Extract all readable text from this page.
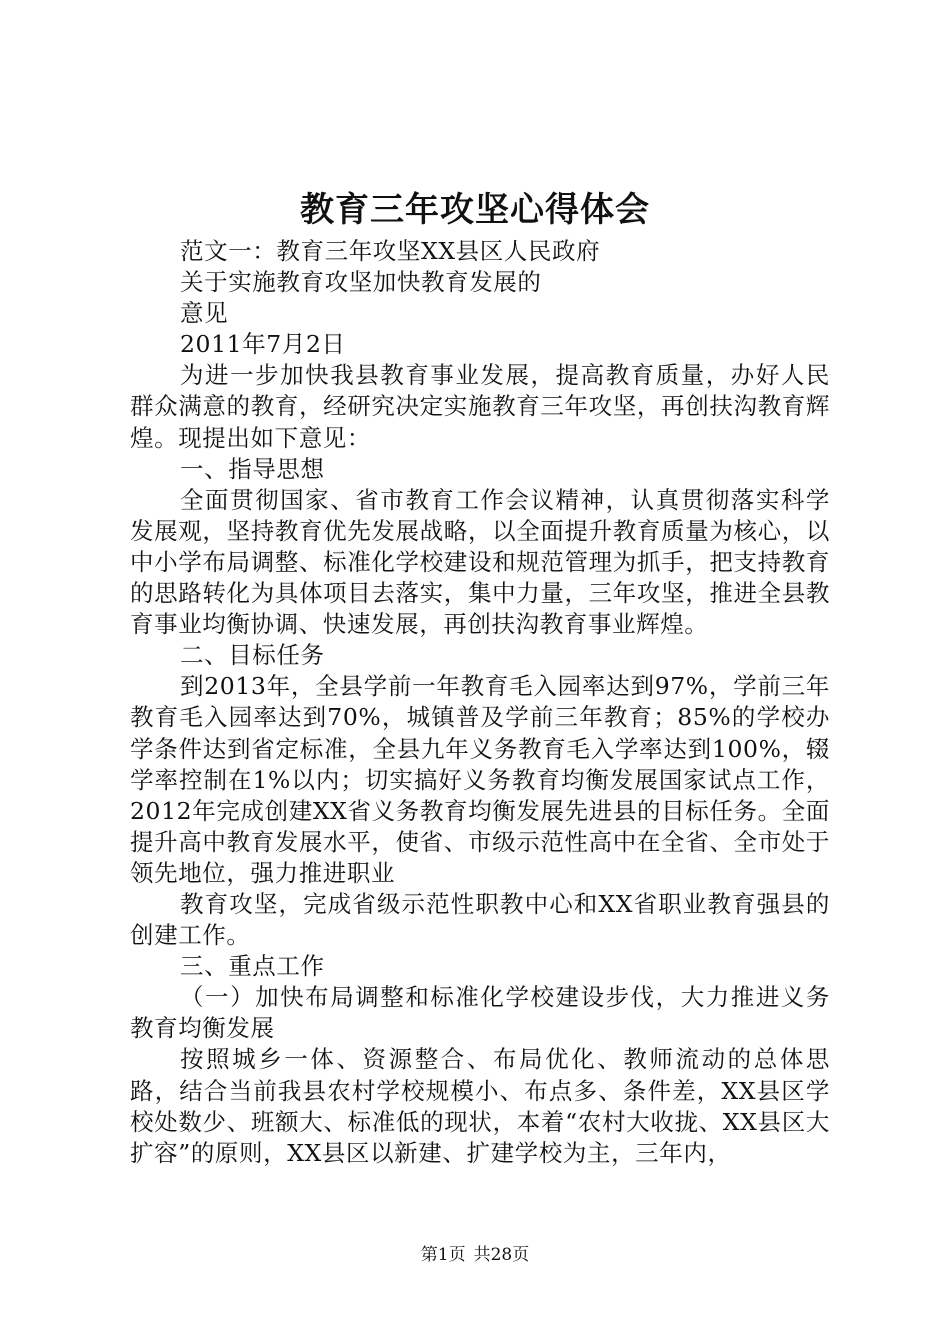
教育三年攻坚心得体会

范文一：教育三年攻坚XX县区人民政府

关于实施教育攻坚加快教育发展的

意见

2011年7月2日

为进一步加快我县教育事业发展，提高教育质量，办好人民群众满意的教育，经研究决定实施教育三年攻坚，再创扶沟教育辉煌。现提出如下意见：

一、指导思想

全面贯彻国家、省市教育工作会议精神，认真贯彻落实科学发展观，坚持教育优先发展战略，以全面提升教育质量为核心，以中小学布局调整、标准化学校建设和规范管理为抓手，把支持教育的思路转化为具体项目去落实，集中力量，三年攻坚，推进全县教育事业均衡协调、快速发展，再创扶沟教育事业辉煌。

二、目标任务

到2013年，全县学前一年教育毛入园率达到97%，学前三年教育毛入园率达到70%，城镇普及学前三年教育；85%的学校办学条件达到省定标准，全县九年义务教育毛入学率达到100%，辍学率控制在1%以内；切实搞好义务教育均衡发展国家试点工作，2012年完成创建XX省义务教育均衡发展先进县的目标任务。全面提升高中教育发展水平，使省、市级示范性高中在全省、全市处于领先地位，强力推进职业

教育攻坚，完成省级示范性职教中心和XX省职业教育强县的创建工作。

三、重点工作

（一）加快布局调整和标准化学校建设步伐，大力推进义务教育均衡发展

按照城乡一体、资源整合、布局优化、教师流动的总体思路，结合当前我县农村学校规模小、布点多、条件差，XX县区学校处数少、班额大、标准低的现状，本着“农村大收拢、XX县区大扩容”的原则，XX县区以新建、扩建学校为主，三年内，

第1页 共28页
